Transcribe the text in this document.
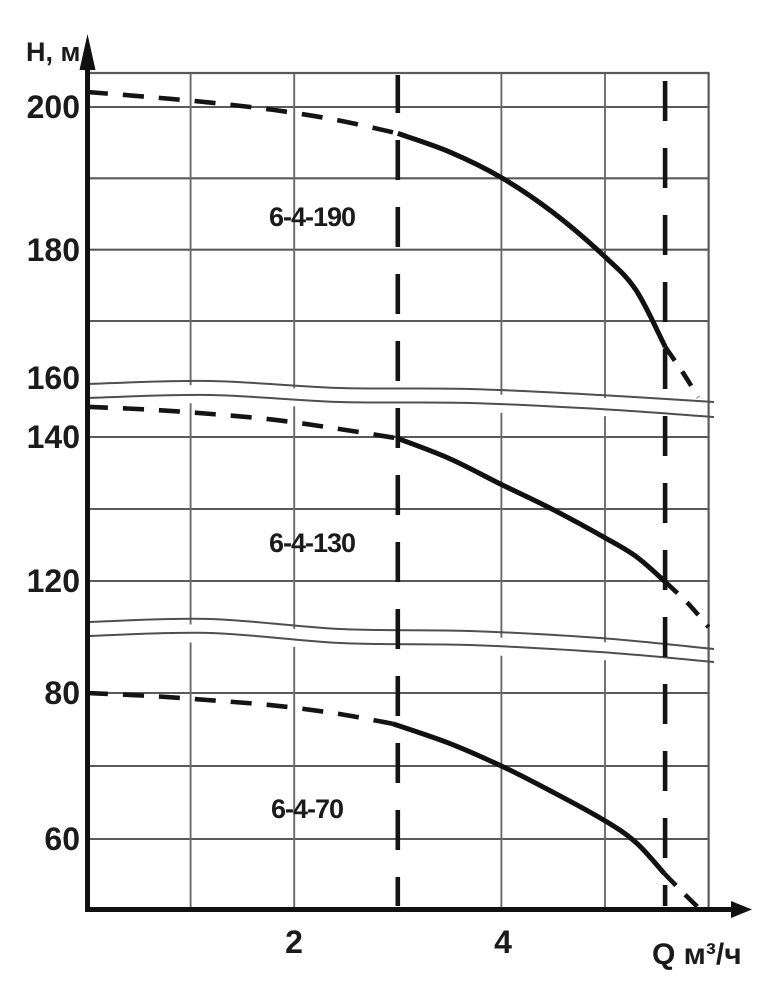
Н, м
200
180
160
140
120
80
60
2	4	Q м³/ч
6-4-190
6-4-130
6-4-70
